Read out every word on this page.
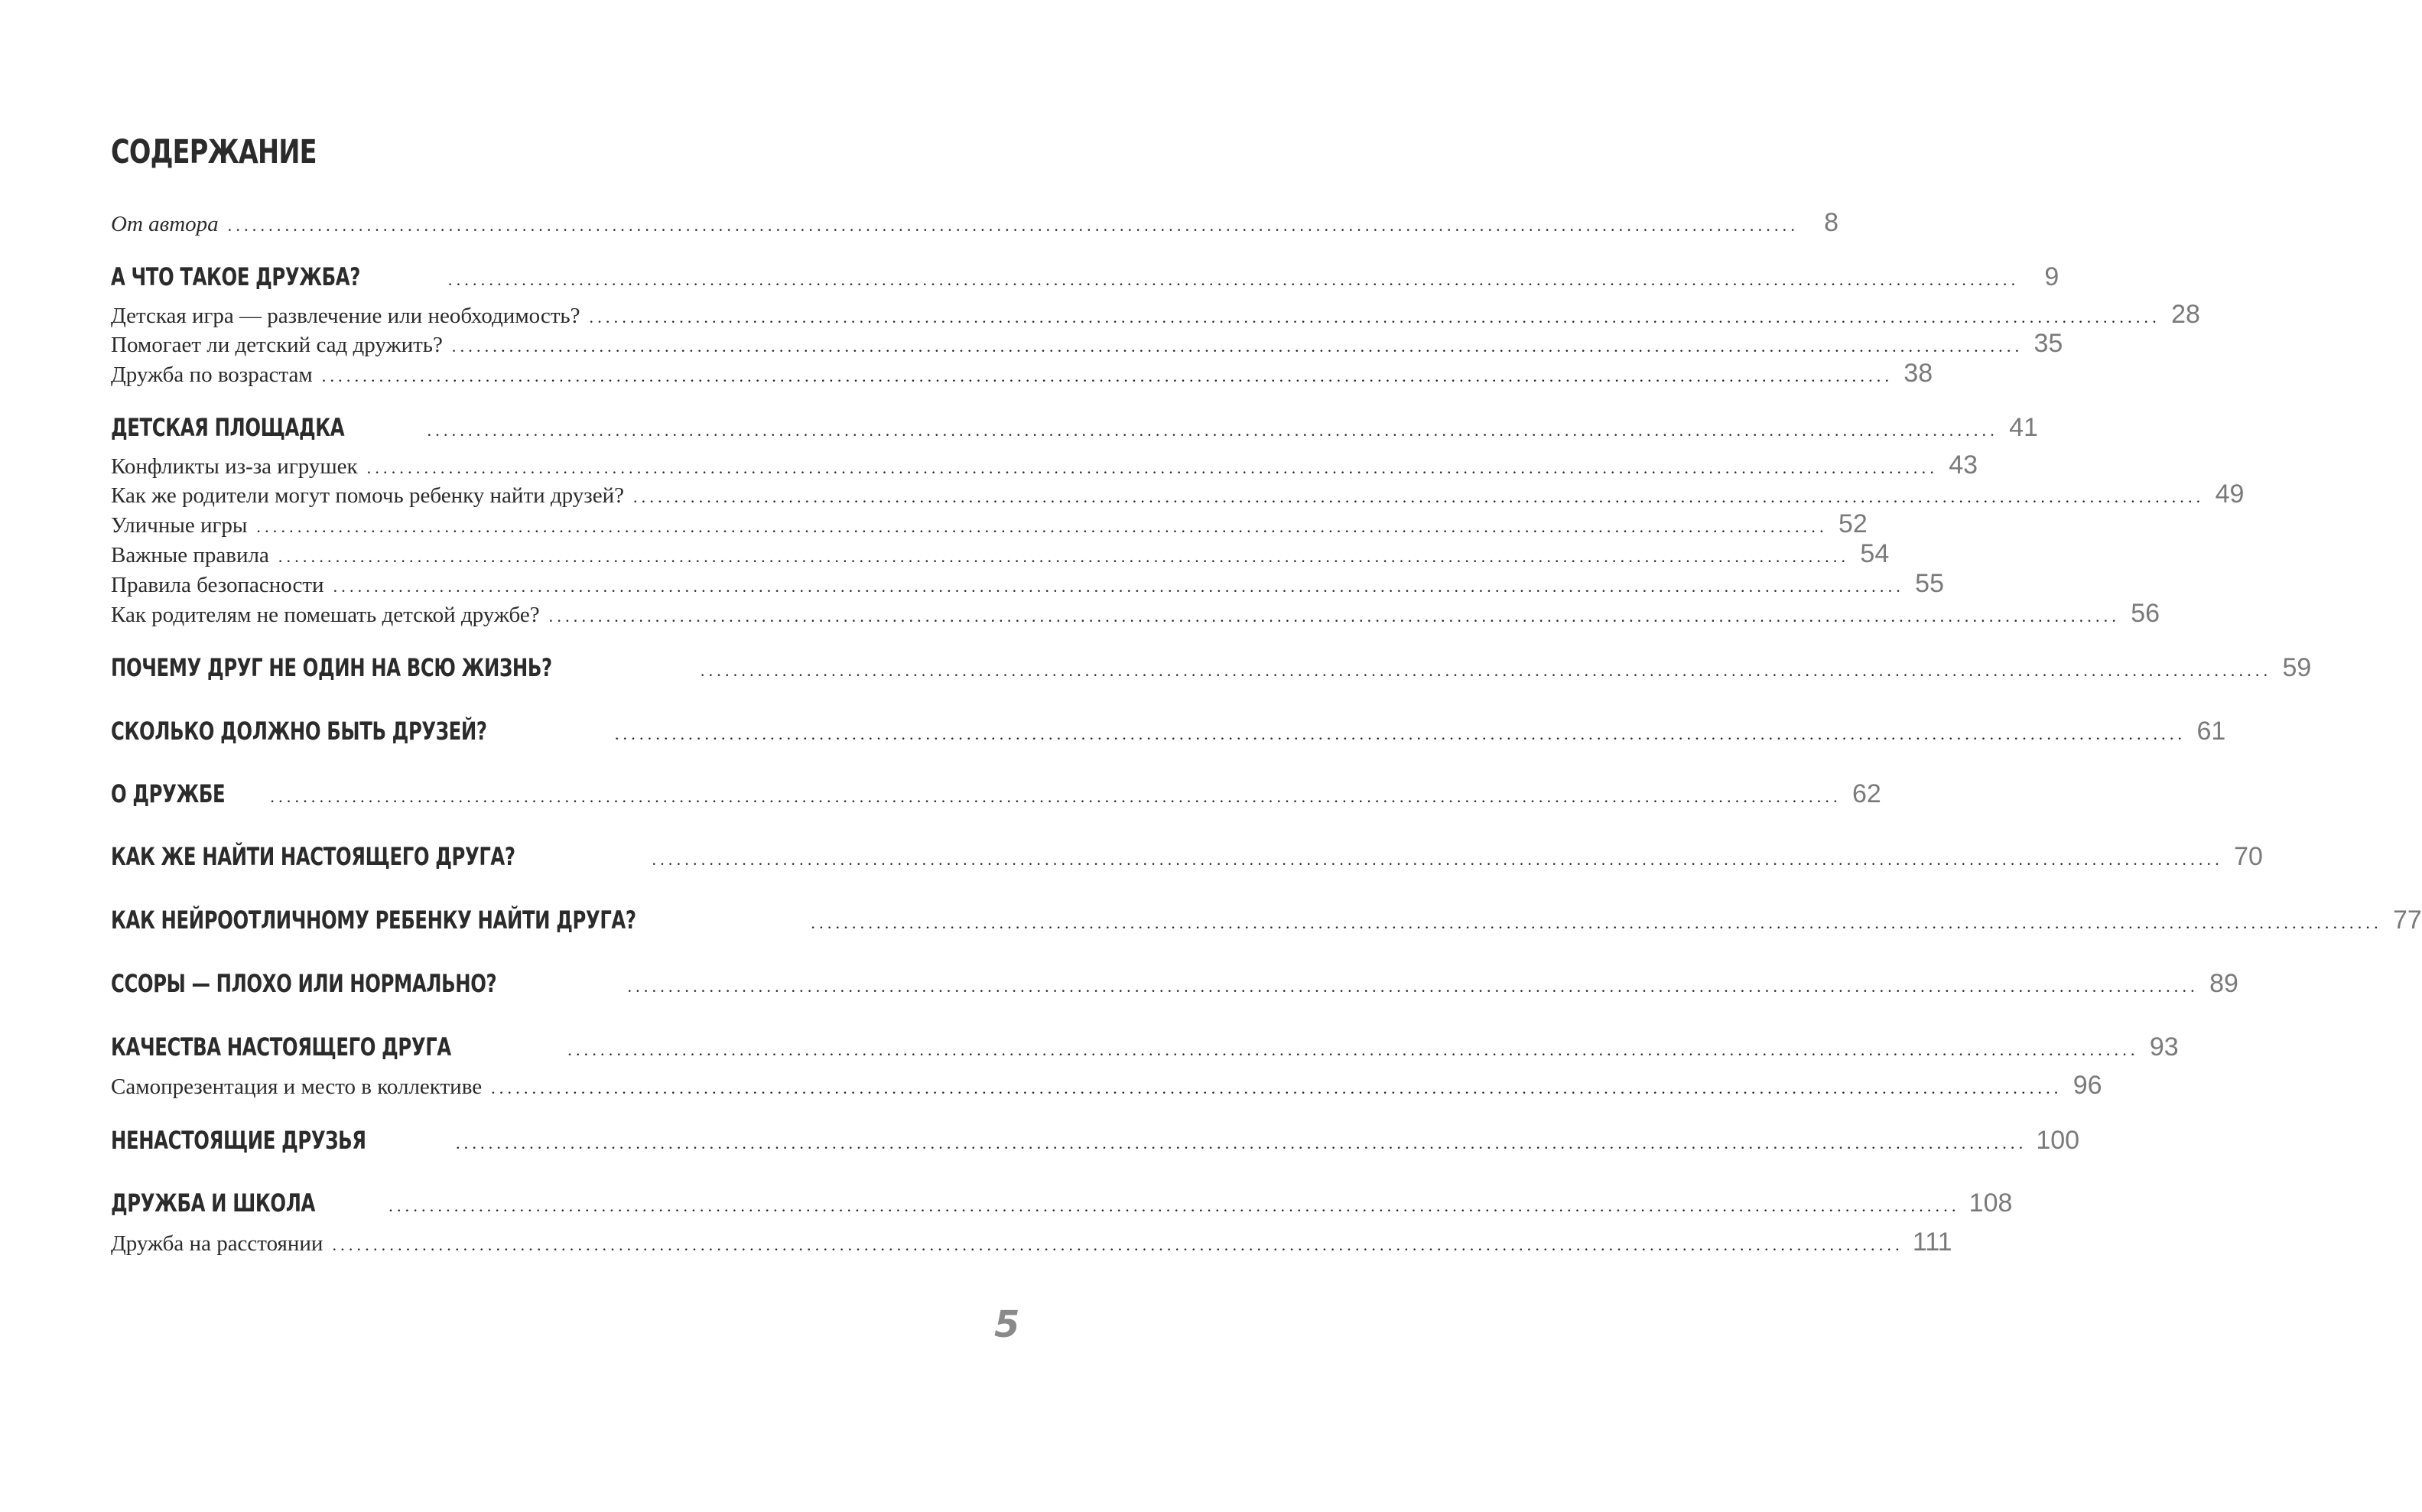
СОДЕРЖАНИЕ
От автора ................................................................................................................................................................................................ 8
А ЧТО ТАКОЕ ДРУЖБА?	................................................................................................................................................................................................ 9
Детская игра — развлечение или необходимость? ................................................................................................................................................................................................ 28
Помогает ли детский сад дружить? ................................................................................................................................................................................................ 35
Дружба по возрастам ................................................................................................................................................................................................ 38
ДЕТСКАЯ ПЛОЩАДКА	................................................................................................................................................................................................ 41
Конфликты из-за игрушек ................................................................................................................................................................................................ 43
Как же родители могут помочь ребенку найти друзей? ................................................................................................................................................................................................ 49
Уличные игры ................................................................................................................................................................................................ 52
Важные правила ................................................................................................................................................................................................ 54
Правила безопасности ................................................................................................................................................................................................ 55
Как родителям не помешать детской дружбе? ................................................................................................................................................................................................ 56
ПОЧЕМУ ДРУГ НЕ ОДИН НА ВСЮ ЖИЗНЬ?	................................................................................................................................................................................................ 59
СКОЛЬКО ДОЛЖНО БЫТЬ ДРУЗЕЙ?	................................................................................................................................................................................................ 61
О ДРУЖБЕ	................................................................................................................................................................................................ 62
КАК ЖЕ НАЙТИ НАСТОЯЩЕГО ДРУГА?	................................................................................................................................................................................................ 70
КАК НЕЙРООТЛИЧНОМУ РЕБЕНКУ НАЙТИ ДРУГА?	................................................................................................................................................................................................ 77
ССОРЫ — ПЛОХО ИЛИ НОРМАЛЬНО?	................................................................................................................................................................................................ 89
КАЧЕСТВА НАСТОЯЩЕГО ДРУГА	................................................................................................................................................................................................ 93
Самопрезентация и место в коллективе ................................................................................................................................................................................................ 96
НЕНАСТОЯЩИЕ ДРУЗЬЯ	................................................................................................................................................................................................ 100
ДРУЖБА И ШКОЛА	................................................................................................................................................................................................ 108
Дружба на расстоянии ................................................................................................................................................................................................ 111
5
